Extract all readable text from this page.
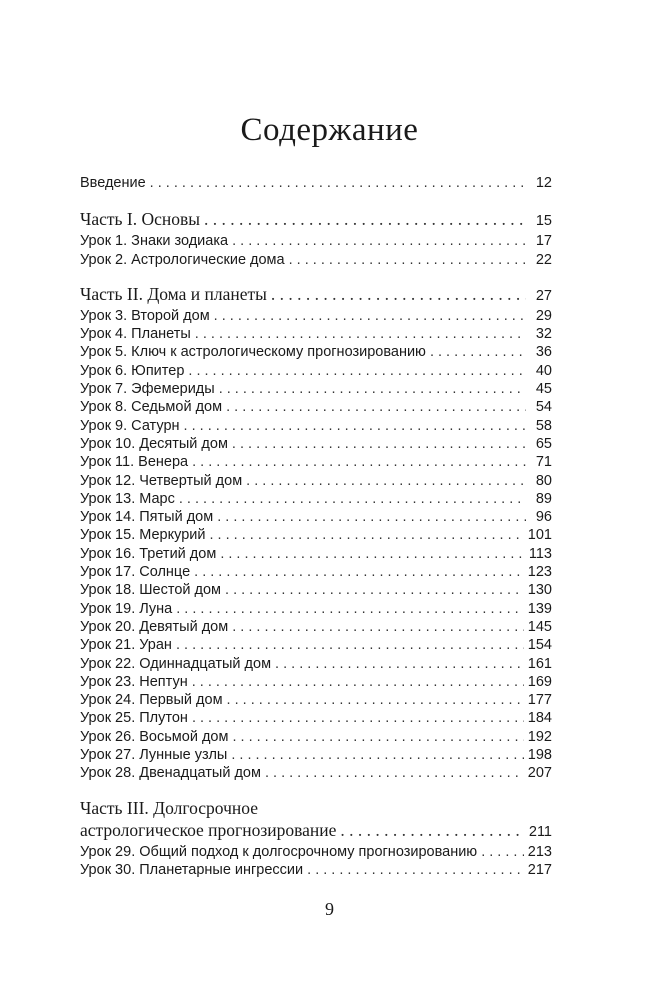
Содержание
Введение . . .	12
Часть I. Основы . . .	15
Урок 1. Знаки зодиака . . .	17
Урок 2. Астрологические дома . . .	22
Часть II. Дома и планеты . . .	27
Урок 3. Второй дом . . .	29
Урок 4. Планеты . . .	32
Урок 5. Ключ к астрологическому прогнозированию . . .	36
Урок 6. Юпитер . . .	40
Урок 7. Эфемериды . . .	45
Урок 8. Седьмой дом . . .	54
Урок 9. Сатурн . . .	58
Урок 10. Десятый дом . . .	65
Урок 11. Венера . . .	71
Урок 12. Четвертый дом . . .	80
Урок 13. Марс . . .	89
Урок 14. Пятый дом . . .	96
Урок 15. Меркурий . . .	101
Урок 16. Третий дом . . .	113
Урок 17. Солнце . . .	123
Урок 18. Шестой дом . . .	130
Урок 19. Луна . . .	139
Урок 20. Девятый дом . . .	145
Урок 21. Уран . . .	154
Урок 22. Одиннадцатый дом . . .	161
Урок 23. Нептун . . .	169
Урок 24. Первый дом . . .	177
Урок 25. Плутон . . .	184
Урок 26. Восьмой дом . . .	192
Урок 27. Лунные узлы . . .	198
Урок 28. Двенадцатый дом . . .	207
Часть III. Долгосрочное
астрологическое прогнозирование . . .	211
Урок 29. Общий подход к долгосрочному прогнозированию . . .	213
Урок 30. Планетарные ингрессии . . .	217
9
